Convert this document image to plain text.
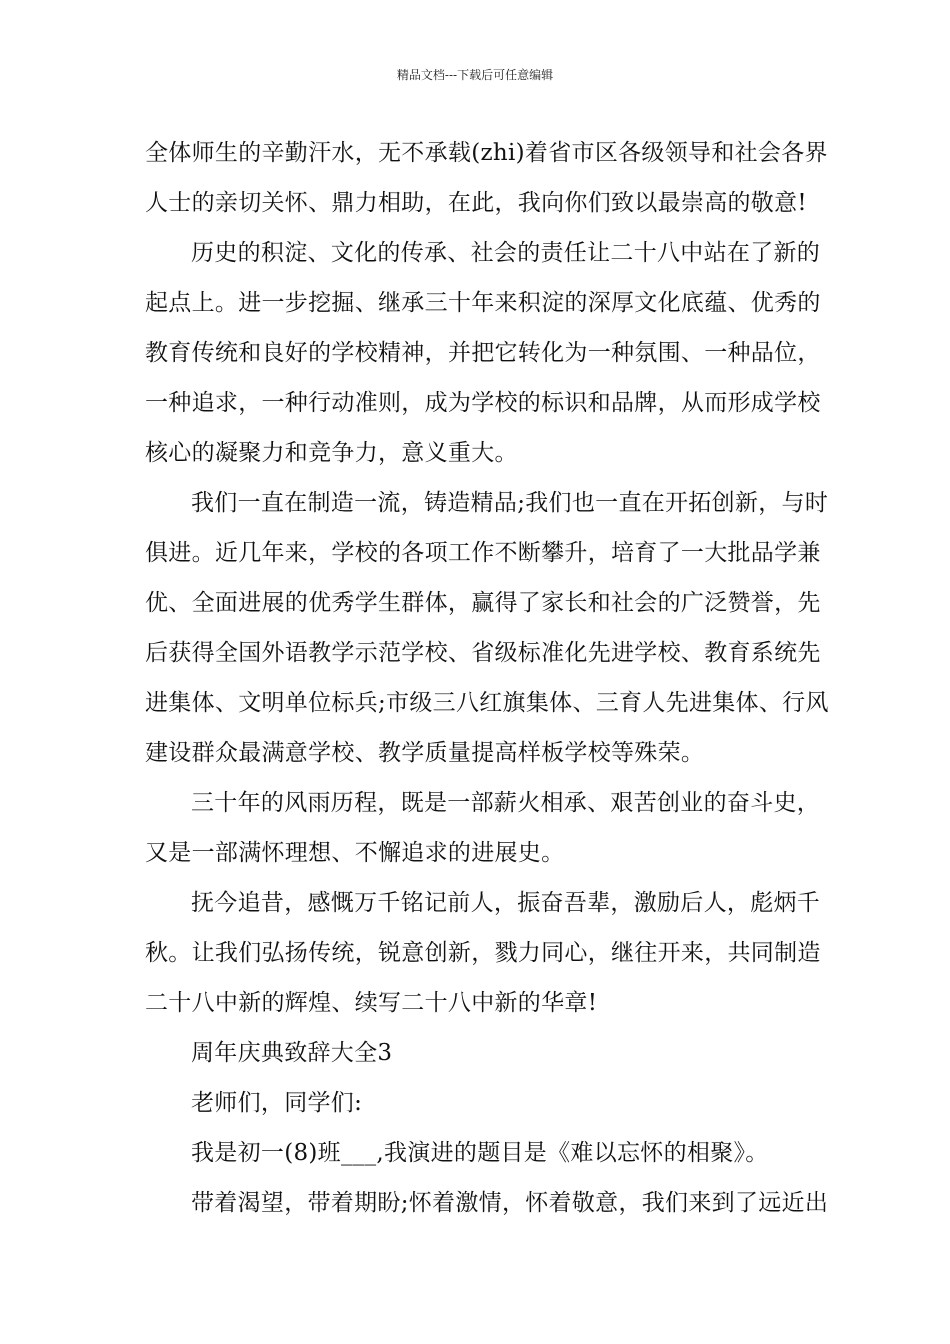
精品文档---下载后可任意编辑
全体师生的辛勤汗水，无不承载(zhi)着省市区各级领导和社会各界
人士的亲切关怀、鼎力相助，在此，我向你们致以最崇高的敬意!
历史的积淀、文化的传承、社会的责任让二十八中站在了新的
起点上。进一步挖掘、继承三十年来积淀的深厚文化底蕴、优秀的
教育传统和良好的学校精神，并把它转化为一种氛围、一种品位，
一种追求，一种行动准则，成为学校的标识和品牌，从而形成学校
核心的凝聚力和竞争力，意义重大。
我们一直在制造一流，铸造精品;我们也一直在开拓创新，与时
俱进。近几年来，学校的各项工作不断攀升，培育了一大批品学兼
优、全面进展的优秀学生群体，赢得了家长和社会的广泛赞誉，先
后获得全国外语教学示范学校、省级标准化先进学校、教育系统先
进集体、文明单位标兵;市级三八红旗集体、三育人先进集体、行风
建设群众最满意学校、教学质量提高样板学校等殊荣。
三十年的风雨历程，既是一部薪火相承、艰苦创业的奋斗史，
又是一部满怀理想、不懈追求的进展史。
抚今追昔，感慨万千铭记前人，振奋吾辈，激励后人，彪炳千
秋。让我们弘扬传统，锐意创新，戮力同心，继往开来，共同制造
二十八中新的辉煌、续写二十八中新的华章!
周年庆典致辞大全3
老师们，同学们:
我是初一(8)班___,我演进的题目是《难以忘怀的相聚》。
带着渴望，带着期盼;怀着激情，怀着敬意，我们来到了远近出
